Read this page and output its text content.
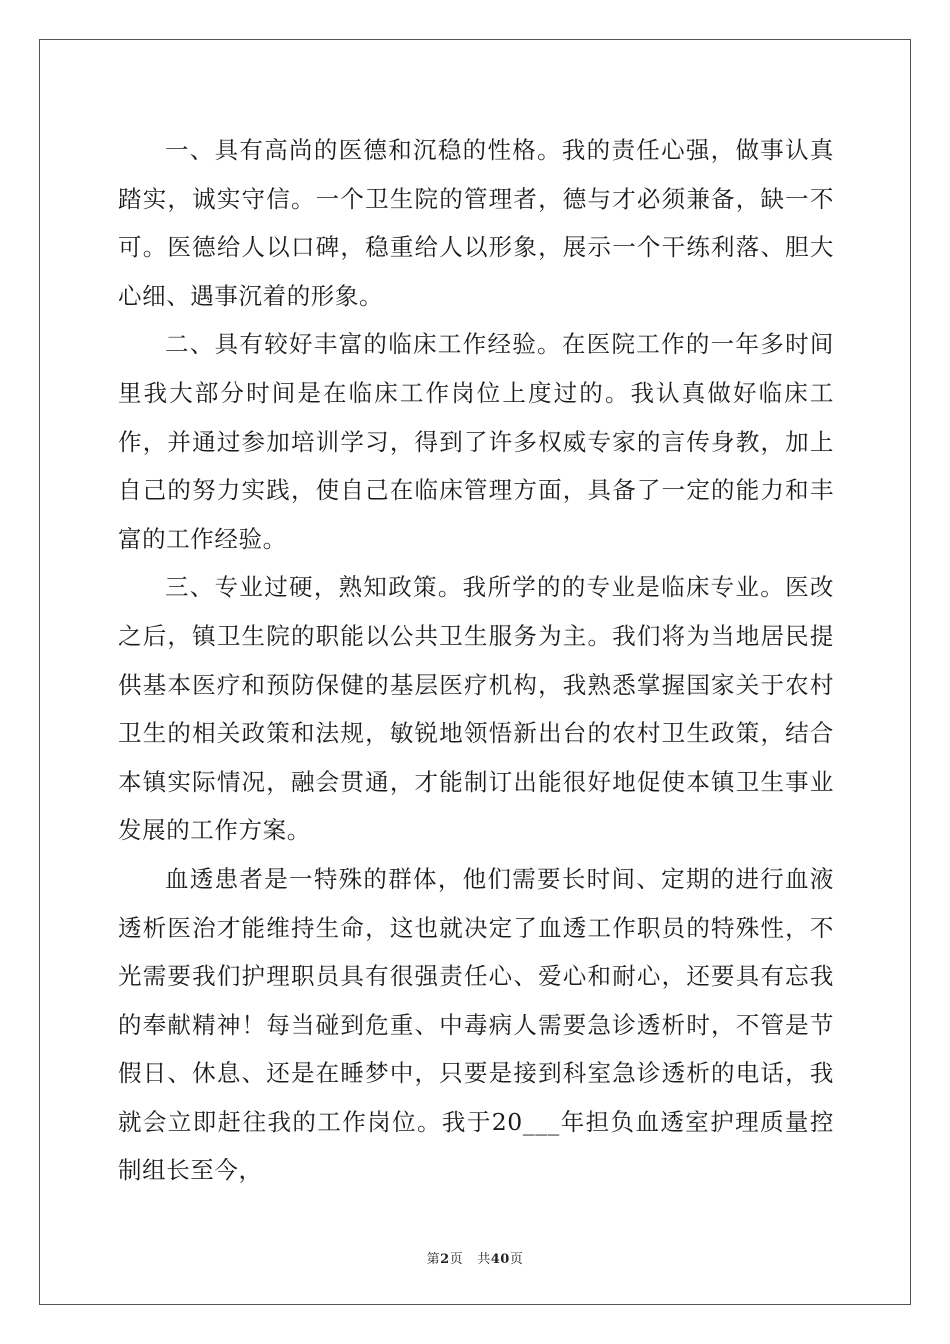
一、具有高尚的医德和沉稳的性格。我的责任心强，做事认真踏实，诚实守信。一个卫生院的管理者，德与才必须兼备，缺一不可。医德给人以口碑，稳重给人以形象，展示一个干练利落、胆大心细、遇事沉着的形象。

二、具有较好丰富的临床工作经验。在医院工作的一年多时间里我大部分时间是在临床工作岗位上度过的。我认真做好临床工作，并通过参加培训学习，得到了许多权威专家的言传身教，加上自己的努力实践，使自己在临床管理方面，具备了一定的能力和丰富的工作经验。

三、专业过硬，熟知政策。我所学的的专业是临床专业。医改之后，镇卫生院的职能以公共卫生服务为主。我们将为当地居民提供基本医疗和预防保健的基层医疗机构，我熟悉掌握国家关于农村卫生的相关政策和法规，敏锐地领悟新出台的农村卫生政策，结合本镇实际情况，融会贯通，才能制订出能很好地促使本镇卫生事业发展的工作方案。

血透患者是一特殊的群体，他们需要长时间、定期的进行血液透析医治才能维持生命，这也就决定了血透工作职员的特殊性，不光需要我们护理职员具有很强责任心、爱心和耐心，还要具有忘我的奉献精神！每当碰到危重、中毒病人需要急诊透析时，不管是节假日、休息、还是在睡梦中，只要是接到科室急诊透析的电话，我就会立即赶往我的工作岗位。我于20___年担负血透室护理质量控制组长至今，

第2页 共40页
